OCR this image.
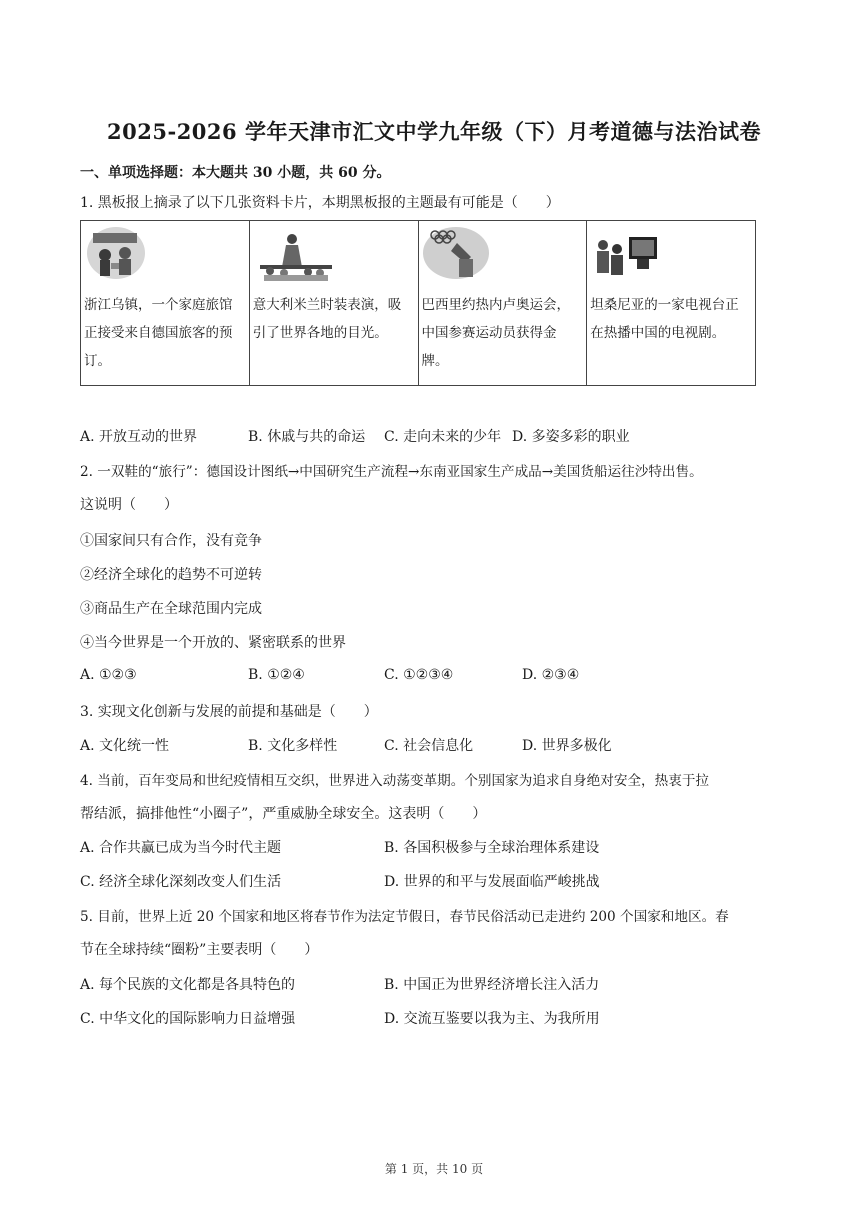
2025-2026 学年天津市汇文中学九年级（下）月考道德与法治试卷
一、单项选择题：本大题共 30 小题，共 60 分。
1. 黑板报上摘录了以下几张资料卡片，本期黑板报的主题最有可能是（　　）
浙江乌镇，一个家庭旅馆正接受来自德国旅客的预订。

意大利米兰时装表演，吸引了世界各地的目光。

巴西里约热内卢奥运会，中国参赛运动员获得金牌。

坦桑尼亚的一家电视台正在热播中国的电视剧。
A. 开放互动的世界	B. 休戚与共的命运 C. 走向未来的少年 D. 多姿多彩的职业
2. 一双鞋的“旅行”：德国设计图纸→中国研究生产流程→东南亚国家生产成品→美国货船运往沙特出售。
这说明（　　）
①国家间只有合作，没有竞争
②经济全球化的趋势不可逆转
③商品生产在全球范围内完成
④当今世界是一个开放的、紧密联系的世界
A. ①②③	B. ①②④	C. ①②③④	D. ②③④
3. 实现文化创新与发展的前提和基础是（　　）
A. 文化统一性	B. 文化多样性	C. 社会信息化	D. 世界多极化
4. 当前，百年变局和世纪疫情相互交织，世界进入动荡变革期。个别国家为追求自身绝对安全，热衷于拉
帮结派，搞排他性“小圈子”，严重威胁全球安全。这表明（　　）
A. 合作共赢已成为当今时代主题	B. 各国积极参与全球治理体系建设
C. 经济全球化深刻改变人们生活	D. 世界的和平与发展面临严峻挑战
5. 目前，世界上近 20 个国家和地区将春节作为法定节假日，春节民俗活动已走进约 200 个国家和地区。春
节在全球持续“圈粉”主要表明（　　）
A. 每个民族的文化都是各具特色的	B. 中国正为世界经济增长注入活力
C. 中华文化的国际影响力日益增强	D. 交流互鉴要以我为主、为我所用
第 1 页，共 10 页
